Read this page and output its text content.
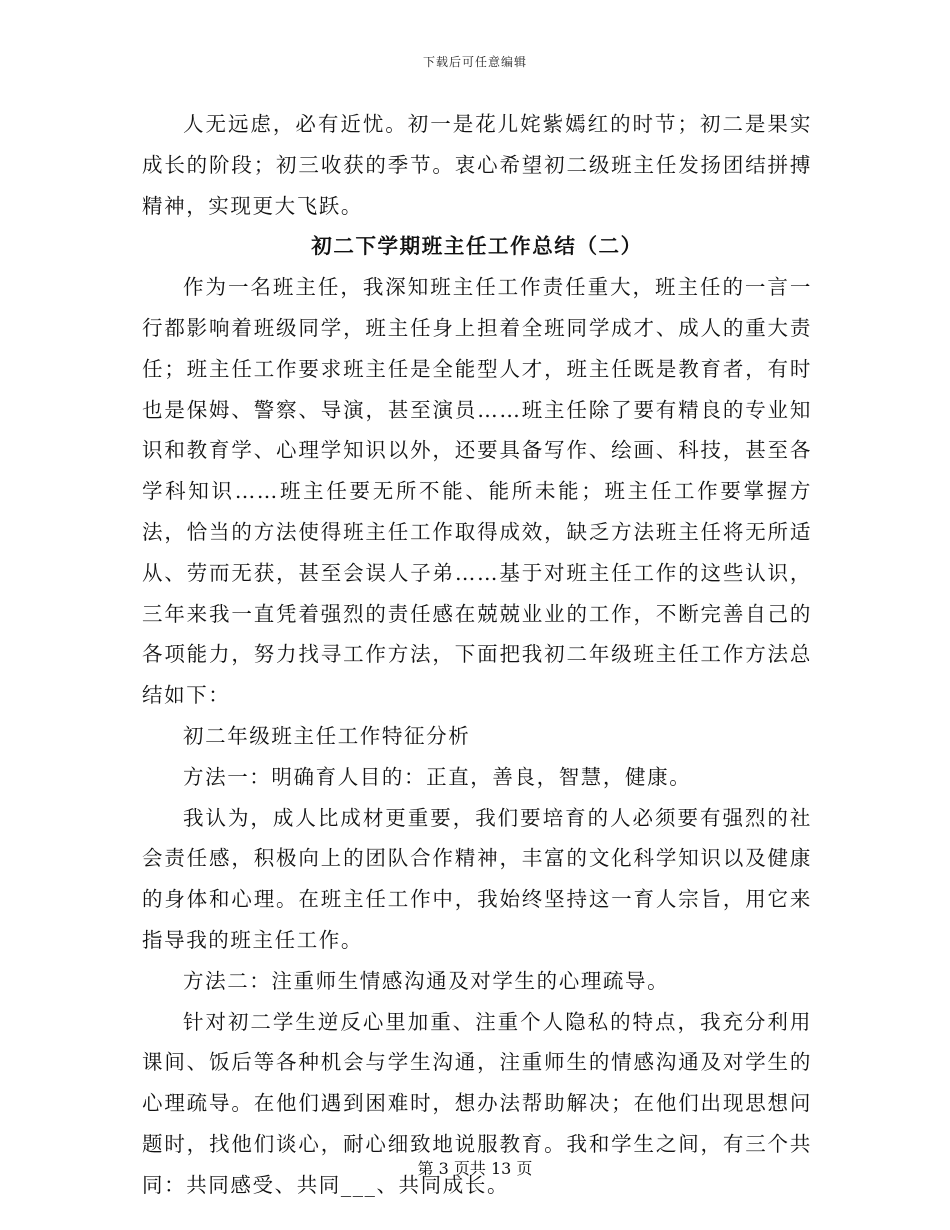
下载后可任意编辑

人无远虑，必有近忧。初一是花儿姹紫嫣红的时节；初二是果实成长的阶段；初三收获的季节。衷心希望初二级班主任发扬团结拼搏精神，实现更大飞跃。

初二下学期班主任工作总结（二）

作为一名班主任，我深知班主任工作责任重大，班主任的一言一行都影响着班级同学，班主任身上担着全班同学成才、成人的重大责任；班主任工作要求班主任是全能型人才，班主任既是教育者，有时也是保姆、警察、导演，甚至演员……班主任除了要有精良的专业知识和教育学、心理学知识以外，还要具备写作、绘画、科技，甚至各学科知识……班主任要无所不能、能所未能；班主任工作要掌握方法，恰当的方法使得班主任工作取得成效，缺乏方法班主任将无所适从、劳而无获，甚至会误人子弟……基于对班主任工作的这些认识，三年来我一直凭着强烈的责任感在兢兢业业的工作，不断完善自己的各项能力，努力找寻工作方法，下面把我初二年级班主任工作方法总结如下：

初二年级班主任工作特征分析

方法一：明确育人目的：正直，善良，智慧，健康。

我认为，成人比成材更重要，我们要培育的人必须要有强烈的社会责任感，积极向上的团队合作精神，丰富的文化科学知识以及健康的身体和心理。在班主任工作中，我始终坚持这一育人宗旨，用它来指导我的班主任工作。

方法二：注重师生情感沟通及对学生的心理疏导。

针对初二学生逆反心里加重、注重个人隐私的特点，我充分利用课间、饭后等各种机会与学生沟通，注重师生的情感沟通及对学生的心理疏导。在他们遇到困难时，想办法帮助解决；在他们出现思想问题时，找他们谈心，耐心细致地说服教育。我和学生之间，有三个共同：共同感受、共同___、共同成长。

第 3 页共 13 页
